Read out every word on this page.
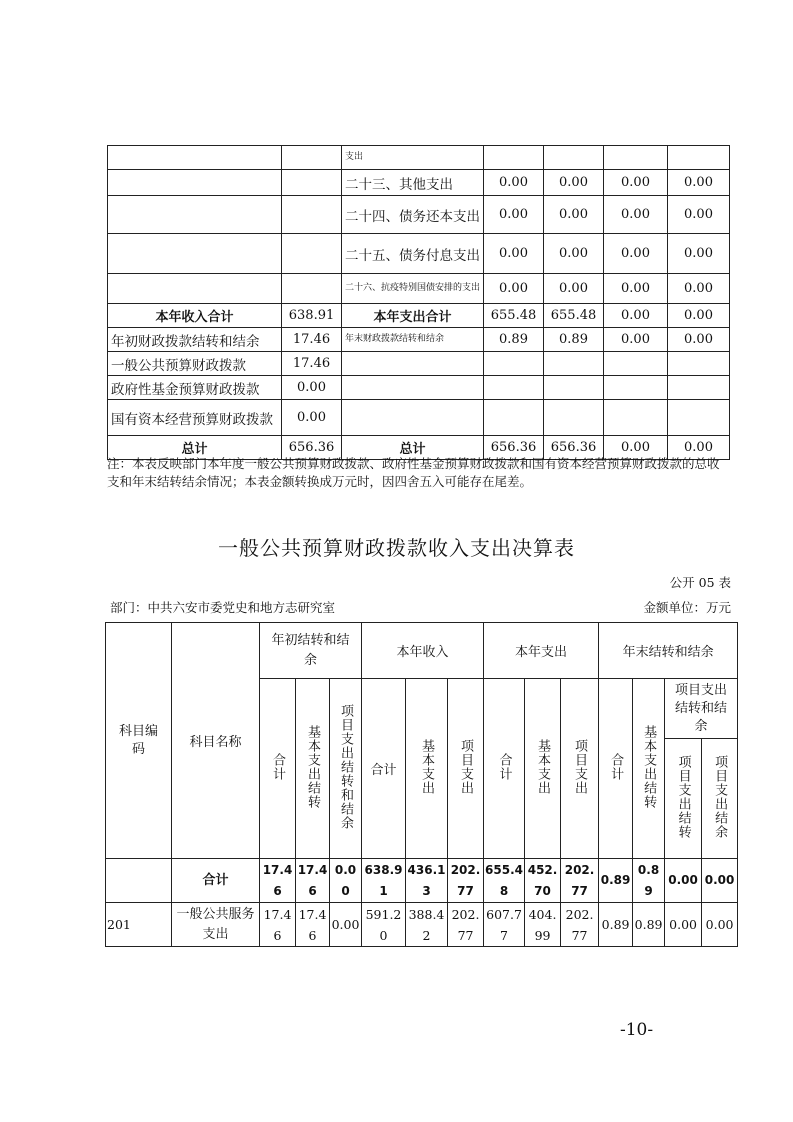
		支出				
		二十三、其他支出	0.00	0.00	0.00	0.00
		二十四、债务还本支出	0.00	0.00	0.00	0.00
		二十五、债务付息支出	0.00	0.00	0.00	0.00
		二十六、抗疫特别国债安排的支出	0.00	0.00	0.00	0.00
本年收入合计	638.91	本年支出合计	655.48	655.48	0.00	0.00
年初财政拨款结转和结余	17.46	年末财政拨款结转和结余	0.89	0.89	0.00	0.00
一般公共预算财政拨款	17.46					
政府性基金预算财政拨款	0.00					
国有资本经营预算财政拨款	0.00					
总计	656.36	总计	656.36	656.36	0.00	0.00
注：本表反映部门本年度一般公共预算财政拨款、政府性基金预算财政拨款和国有资本经营预算财政拨款的总收支和年末结转结余情况；本表金额转换成万元时，因四舍五入可能存在尾差。
一般公共预算财政拨款收入支出决算表
公开 05 表
部门：中共六安市委党史和地方志研究室	金额单位：万元
科目编码	科目名称	年初结转和结余			本年收入			本年支出			年末结转和结余			
		合计	基本支出结转	项目支出结转和结余	合计	基本支出	项目支出	合计	基本支出	项目支出	合计	基本支出结转	项目支出结转和结余	
													项目支出结转	项目支出结余
	合计	17.46	17.46	0.00	638.91	436.13	202.77	655.48	452.70	202.77	0.89	0.89	0.00	0.00
201	一般公共服务支出	17.46	17.46	0.00	591.20	388.42	202.77	607.77	404.99	202.77	0.89	0.89	0.00	0.00
-10-
